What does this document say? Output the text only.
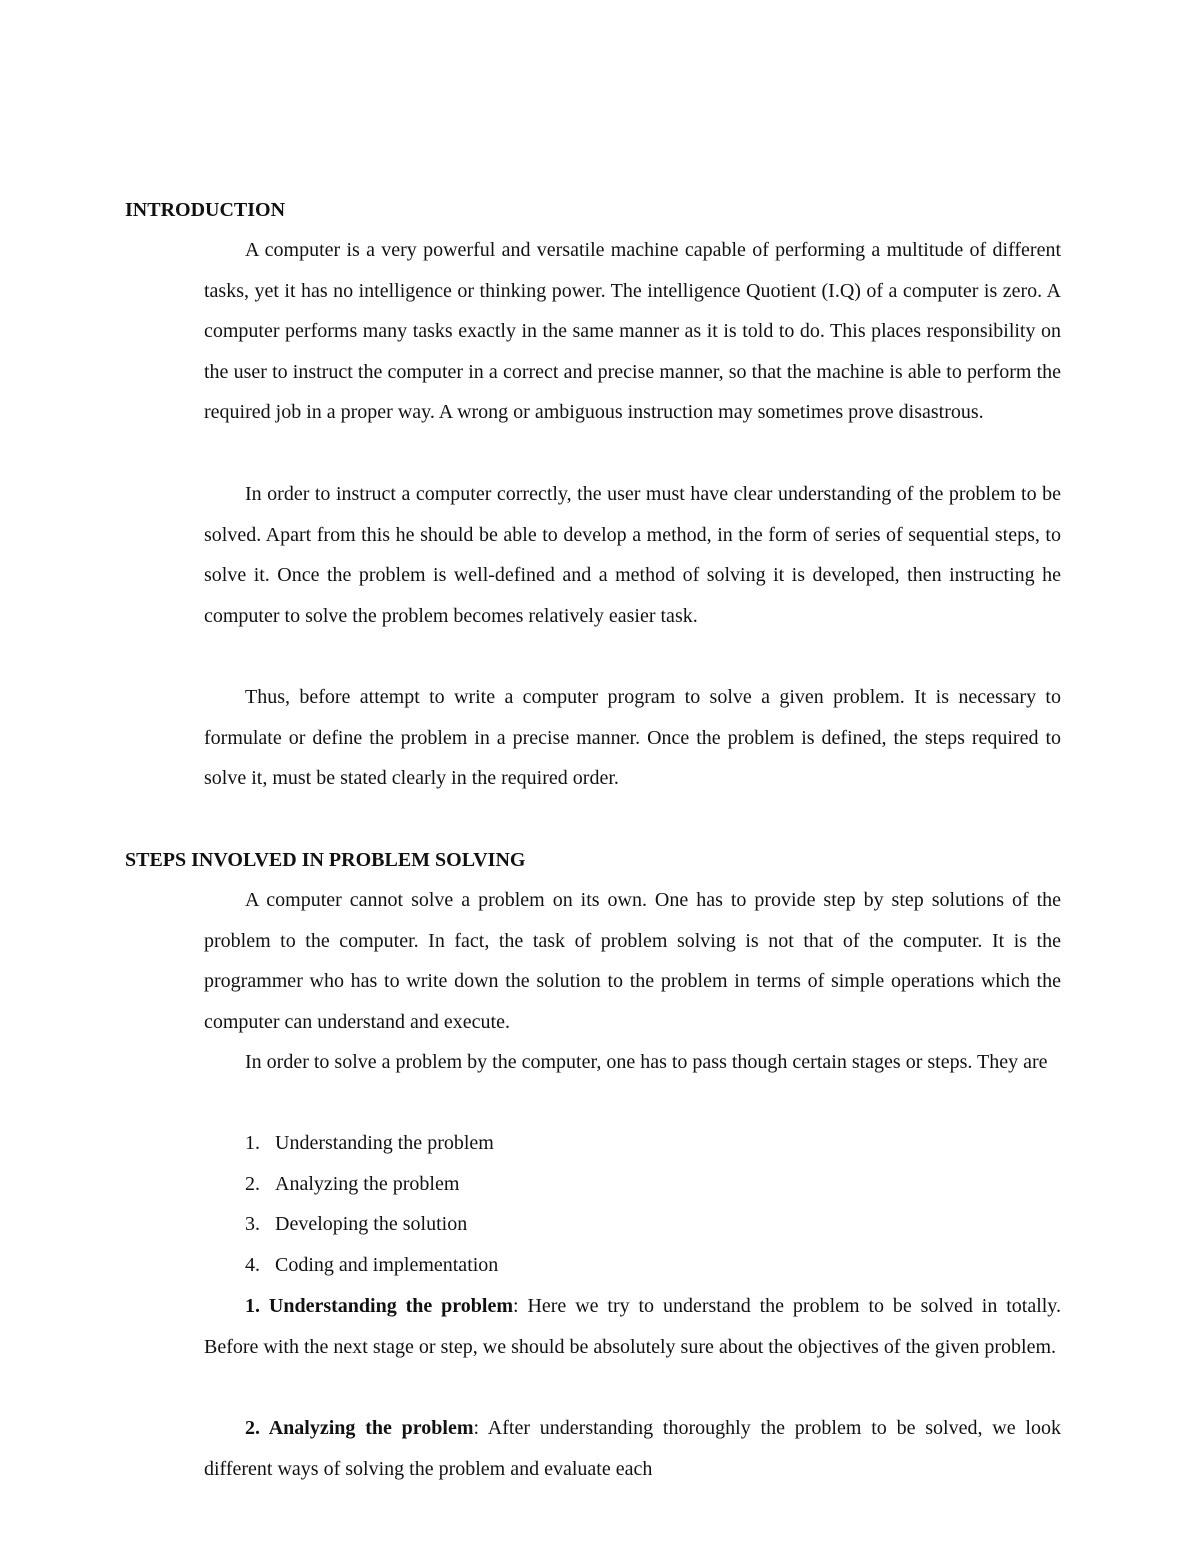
INTRODUCTION

A computer is a very powerful and versatile machine capable of performing a multitude of different tasks, yet it has no intelligence or thinking power. The intelligence Quotient (I.Q) of a computer is zero. A computer performs many tasks exactly in the same manner as it is told to do. This places responsibility on the user to instruct the computer in a correct and precise manner, so that the machine is able to perform the required job in a proper way. A wrong or ambiguous instruction may sometimes prove disastrous.

In order to instruct a computer correctly, the user must have clear understanding of the problem to be solved. Apart from this he should be able to develop a method, in the form of series of sequential steps, to solve it. Once the problem is well-defined and a method of solving it is developed, then instructing he computer to solve the problem becomes relatively easier task.

Thus, before attempt to write a computer program to solve a given problem. It is necessary to formulate or define the problem in a precise manner. Once the problem is defined, the steps required to solve it, must be stated clearly in the required order.

STEPS INVOLVED IN PROBLEM SOLVING

A computer cannot solve a problem on its own. One has to provide step by step solutions of the problem to the computer. In fact, the task of problem solving is not that of the computer. It is the programmer who has to write down the solution to the problem in terms of simple operations which the computer can understand and execute.

In order to solve a problem by the computer, one has to pass though certain stages or steps. They are

1. Understanding the problem
2. Analyzing the problem
3. Developing the solution
4. Coding and implementation

1. Understanding the problem: Here we try to understand the problem to be solved in totally. Before with the next stage or step, we should be absolutely sure about the objectives of the given problem.

2. Analyzing the problem: After understanding thoroughly the problem to be solved, we look different ways of solving the problem and evaluate each
